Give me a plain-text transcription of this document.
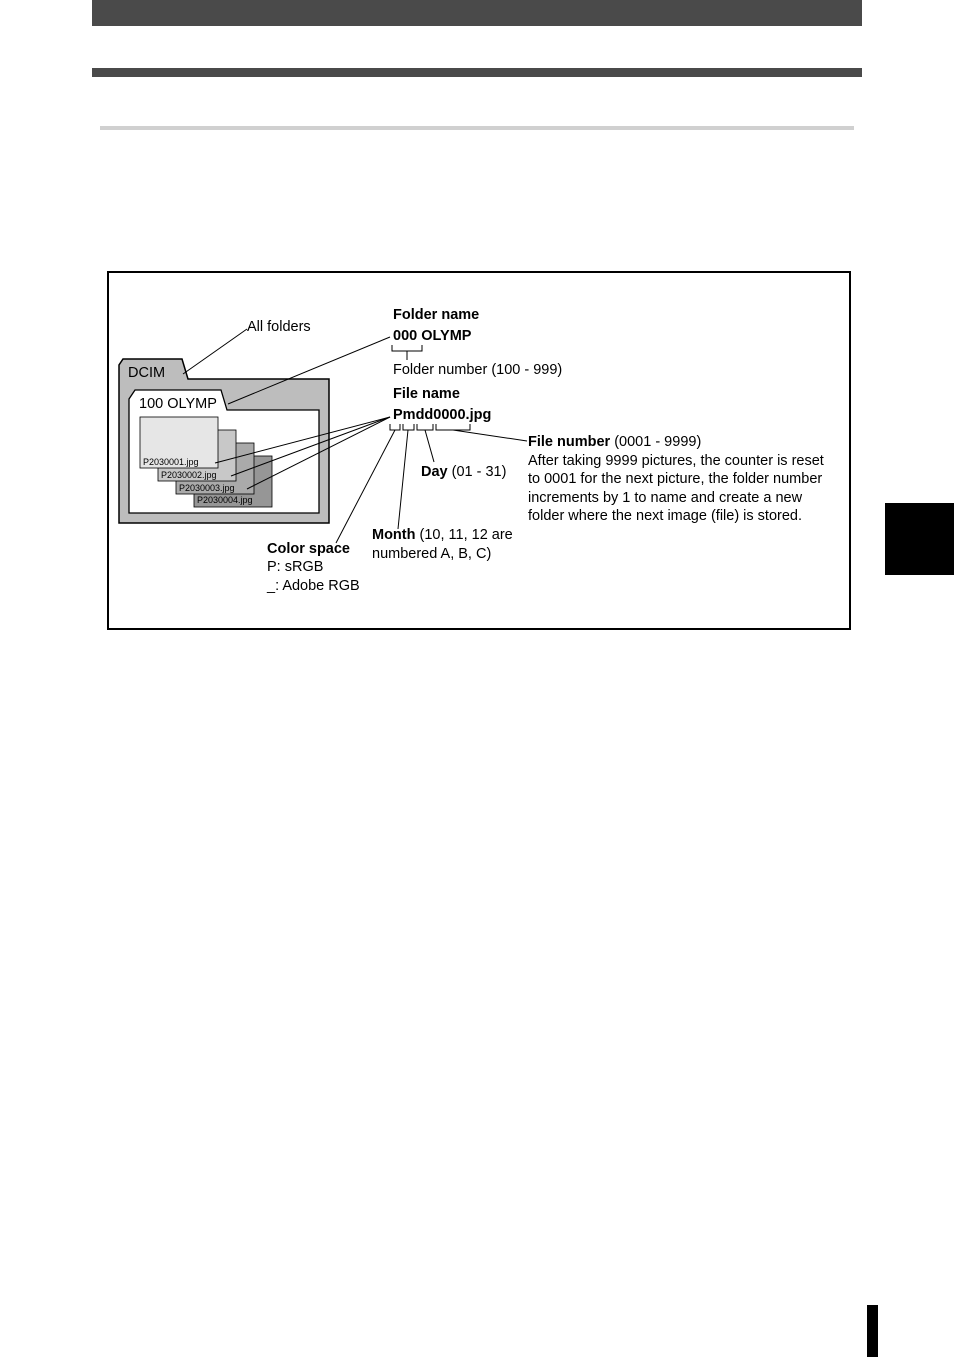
All folders
DCIM
100 OLYMP
P2030001.jpg
P2030002.jpg
P2030003.jpg
P2030004.jpg
Folder name
000 OLYMP
Folder number (100 - 999)
File name
Pmdd0000.jpg
File number (0001 - 9999)
After taking 9999 pictures, the counter is reset
to 0001 for the next picture, the folder number
increments by 1 to name and create a new
folder where the next image (file) is stored.
Day (01 - 31)
Month (10, 11, 12 are
numbered A, B, C)
Color space
P: sRGB
_: Adobe RGB
